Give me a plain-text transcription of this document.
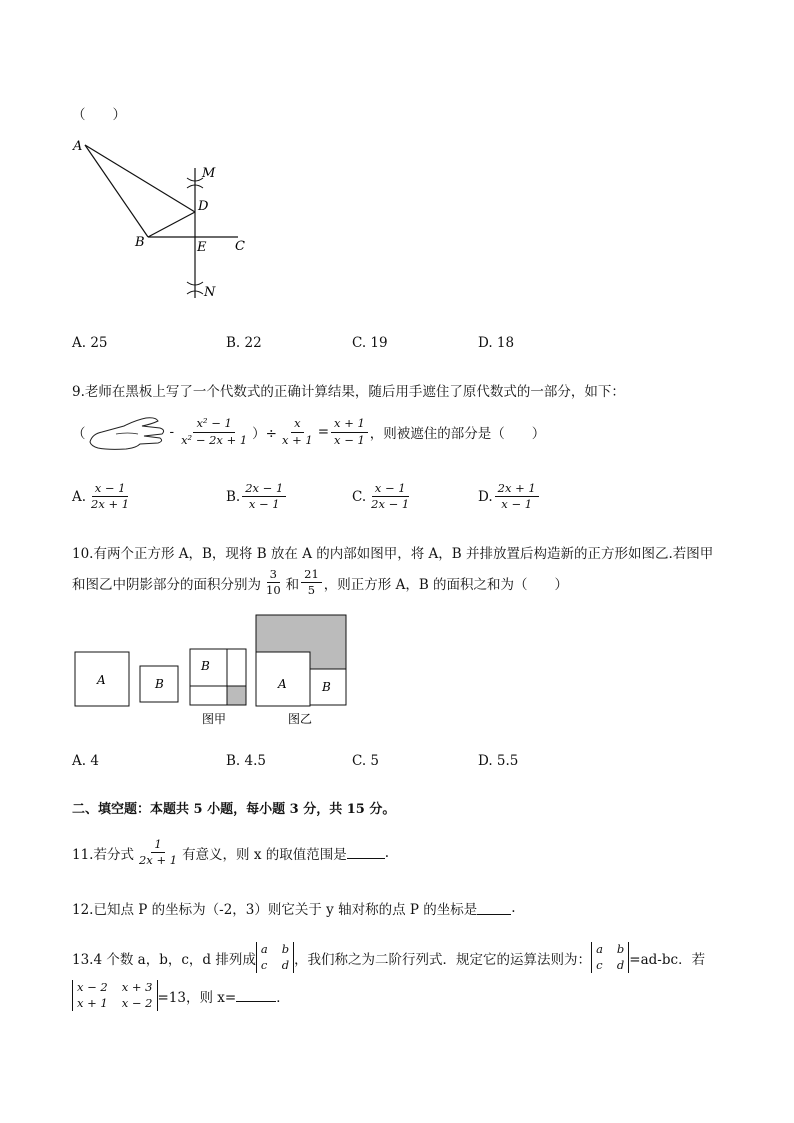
（　　）
A
B	C
D
E
M
N
A. 25	B. 22	C. 19	D. 18
9.老师在黑板上写了一个代数式的正确计算结果，随后用手遮住了原代数式的一部分，如下：
（	- $\frac{\text{x² − 1}}{\text{x² − 2x + 1}}$ ）÷ $\frac{x}{x + 1} = \frac{x + 1}{x - 1}$ ，则被遮住的部分是（　　）
A. $\frac{x - 1}{2x + 1}$	B. $\frac{2x - 1}{x - 1}$	C. $\frac{x - 1}{2x - 1}$	D. $\frac{2x + 1}{x - 1}$
10.有两个正方形 A，B，现将 B 放在 A 的内部如图甲，将 A，B 并排放置后构造新的正方形如图乙.若图甲
和图乙中阴影部分的面积分别为 $\frac{3}{10}$ 和 $\frac{21}{5}$ ，则正方形 A，B 的面积之和为（　　）
A	B
B
图甲
A	B
图乙
A. 4	B. 4.5	C. 5	D. 5.5
二、填空题：本题共 5 小题，每小题 3 分，共 15 分。
11.若分式 $\frac{1}{2x + 1}$ 有意义，则 x 的取值范围是	.
12.已知点 P 的坐标为（-2，3）则它关于 y 轴对称的点 P 的坐标是	.
13.4 个数 a，b，c，d 排列成
a b
c d ，我们称之为二阶行列式．规定它的运算法则为：
a b
c d =ad-bc．若
x − 2 x + 3
x + 1 x − 2 =13，则 x=	．
